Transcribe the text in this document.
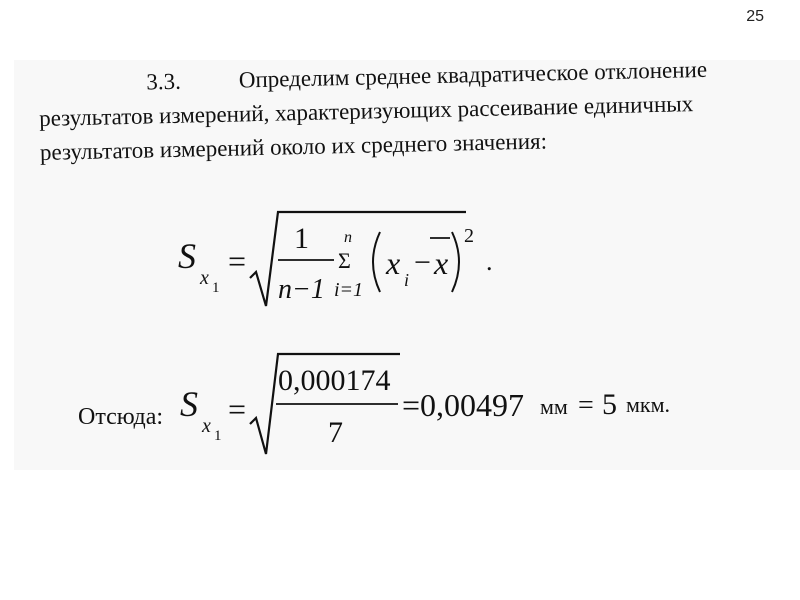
25

3.3. Определим среднее квадратическое отклонение
результатов измерений, характеризующих рассеивание единичных
результатов измерений около их среднего значения:

S
x 1
=
1
n−1
n
Σ
i=1
x i
− x
2
.
Отсюда: S
x 1
=
0,000174
7
=0,00497 мм = 5 мкм.
